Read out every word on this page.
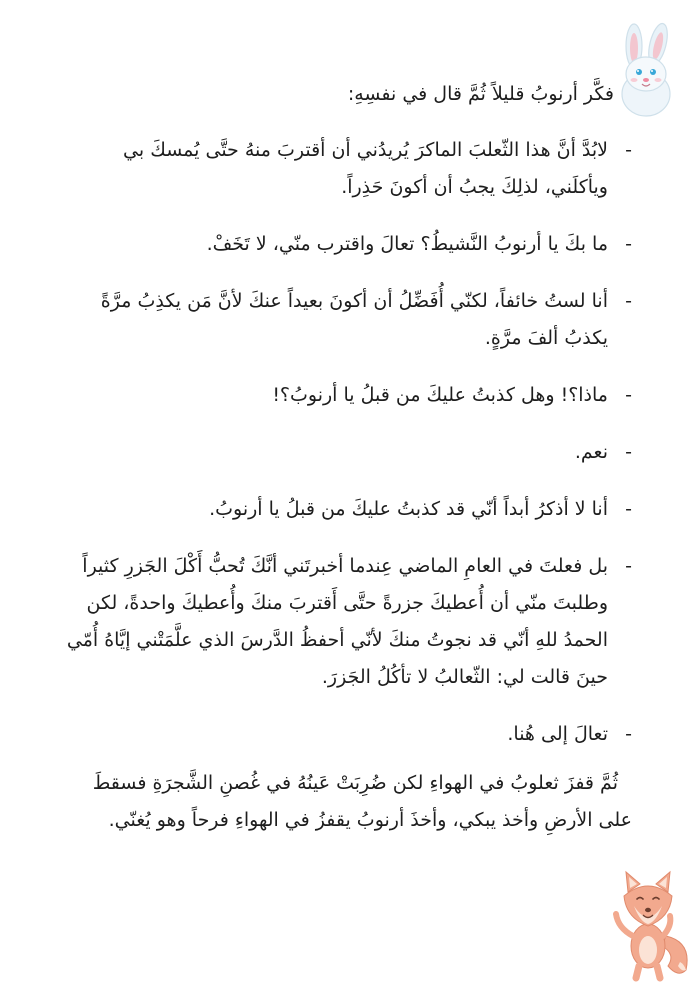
فكَّر أرنوبُ قليلاً ثُمَّ قال في نفسِهِ:

-
لابُدَّ أنَّ هذا الثّعلبَ الماكرَ يُريدُني أن أقتربَ منهُ حتَّى يُمسكَ بي ويأكلَني، لذلِكَ يجبُ أن أكونَ حَذِراً.
-
ما بكَ يا أرنوبُ النَّشيطُ؟ تعالَ واقترب منّي، لا تَخَفْ.
-
أنا لستُ خائفاً، لكنّي أُفَضِّلُ أن أكونَ بعيداً عنكَ لأنَّ مَن يكذِبُ مرَّةً يكذبُ ألفَ مرَّةٍ.
-
ماذا؟! وهل كذبتُ عليكَ من قبلُ يا أرنوبُ؟!
-
نعم.
-
أنا لا أذكرُ أبداً أنّي قد كذبتُ عليكَ من قبلُ يا أرنوبُ.
-
بل فعلتَ في العامِ الماضي عِندما أخبرتَني أنَّكَ تُحبُّ أَكْلَ الجَزرِ كثيراً وطلبتَ منّي أن أُعطيكَ جزرةً حتَّى أَقتربَ منكَ وأُعطيكَ واحدةً، لكن الحمدُ للهِ أنّي قد نجوتُ منكَ لأنّي أحفظُ الدَّرسَ الذي علَّمَتْني إيَّاهُ أُمّي حينَ قالت لي: الثّعالبُ لا تأكُلُ الجَزرَ.
-
تعالَ إلى هُنا.

ثُمَّ قفزَ ثعلوبُ في الهواءِ لكن ضُرِبَتْ عَينُهُ في غُصنِ الشَّجرَةِ فسقطَ على الأرضِ وأخذ يبكي، وأخذَ أرنوبُ يقفزُ في الهواءِ فرحاً وهو يُغنّي.
